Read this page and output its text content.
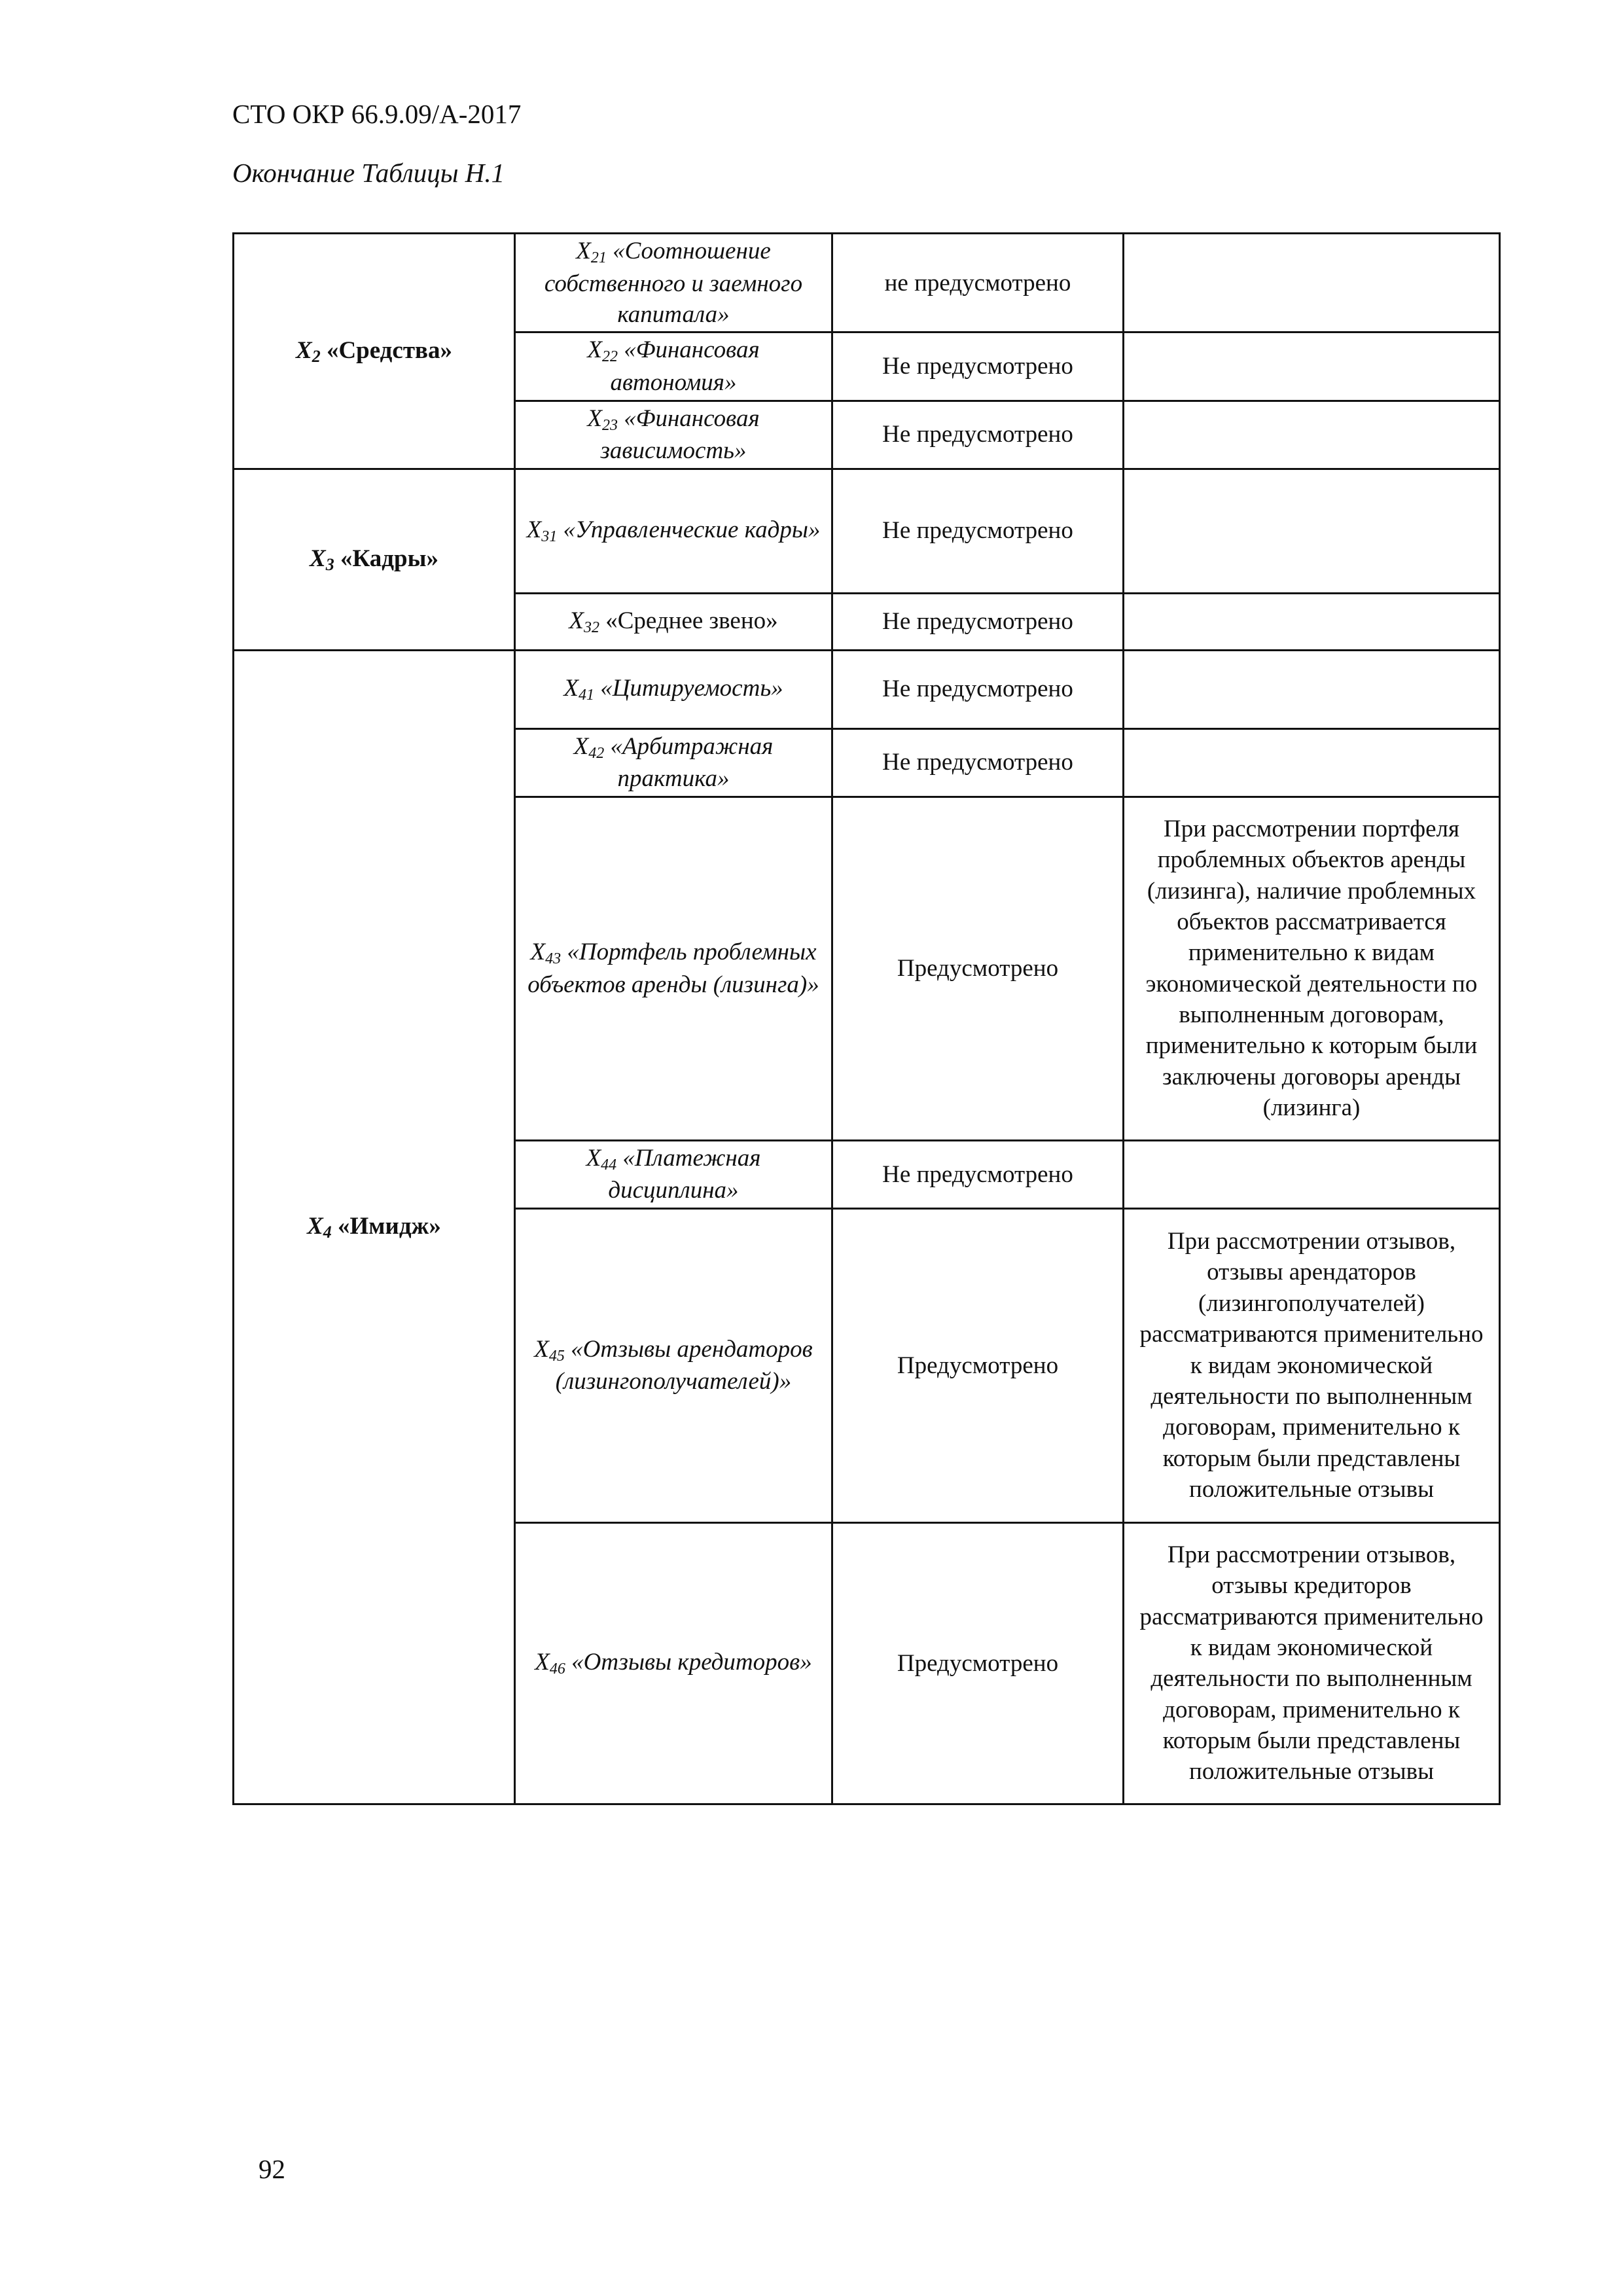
СТО ОКР 66.9.09/А-2017
Окончание Таблицы Н.1
X2 «Средства»	$X_{21}$ «Соотношение собственного и заемного капитала»	не предусмотрено	
	$X_{22}$ «Финансовая автономия»	Не предусмотрено	
	$X_{23}$ «Финансовая зависимость»	Не предусмотрено	
X3 «Кадры»	$X_{31}$ «Управленческие кадры»	Не предусмотрено	
	$X_{32}$ «Среднее звено»	Не предусмотрено	
X4 «Имидж»	$X_{41}$ «Цитируемость»	Не предусмотрено	
	$X_{42}$ «Арбитражная практика»	Не предусмотрено	
	$X_{43}$ «Портфель проблемных объектов аренды (лизинга)»	Предусмотрено	При рассмотрении портфеля проблемных объектов аренды (лизинга), наличие проблемных объектов рассматривается применительно к видам экономической деятельности по выполненным договорам, применительно к которым были заключены договоры аренды (лизинга)
	$X_{44}$ «Платежная дисциплина»	Не предусмотрено	
	$X_{45}$ «Отзывы арендаторов (лизингополучателей)»	Предусмотрено	При рассмотрении отзывов, отзывы арендаторов (лизингополучателей) рассматриваются применительно к видам экономической деятельности по выполненным договорам, применительно к которым были представлены положительные отзывы
	$X_{46}$ «Отзывы кредиторов»	Предусмотрено	При рассмотрении отзывов, отзывы кредиторов рассматриваются применительно к видам экономической деятельности по выполненным договорам, применительно к которым были представлены положительные отзывы
92
